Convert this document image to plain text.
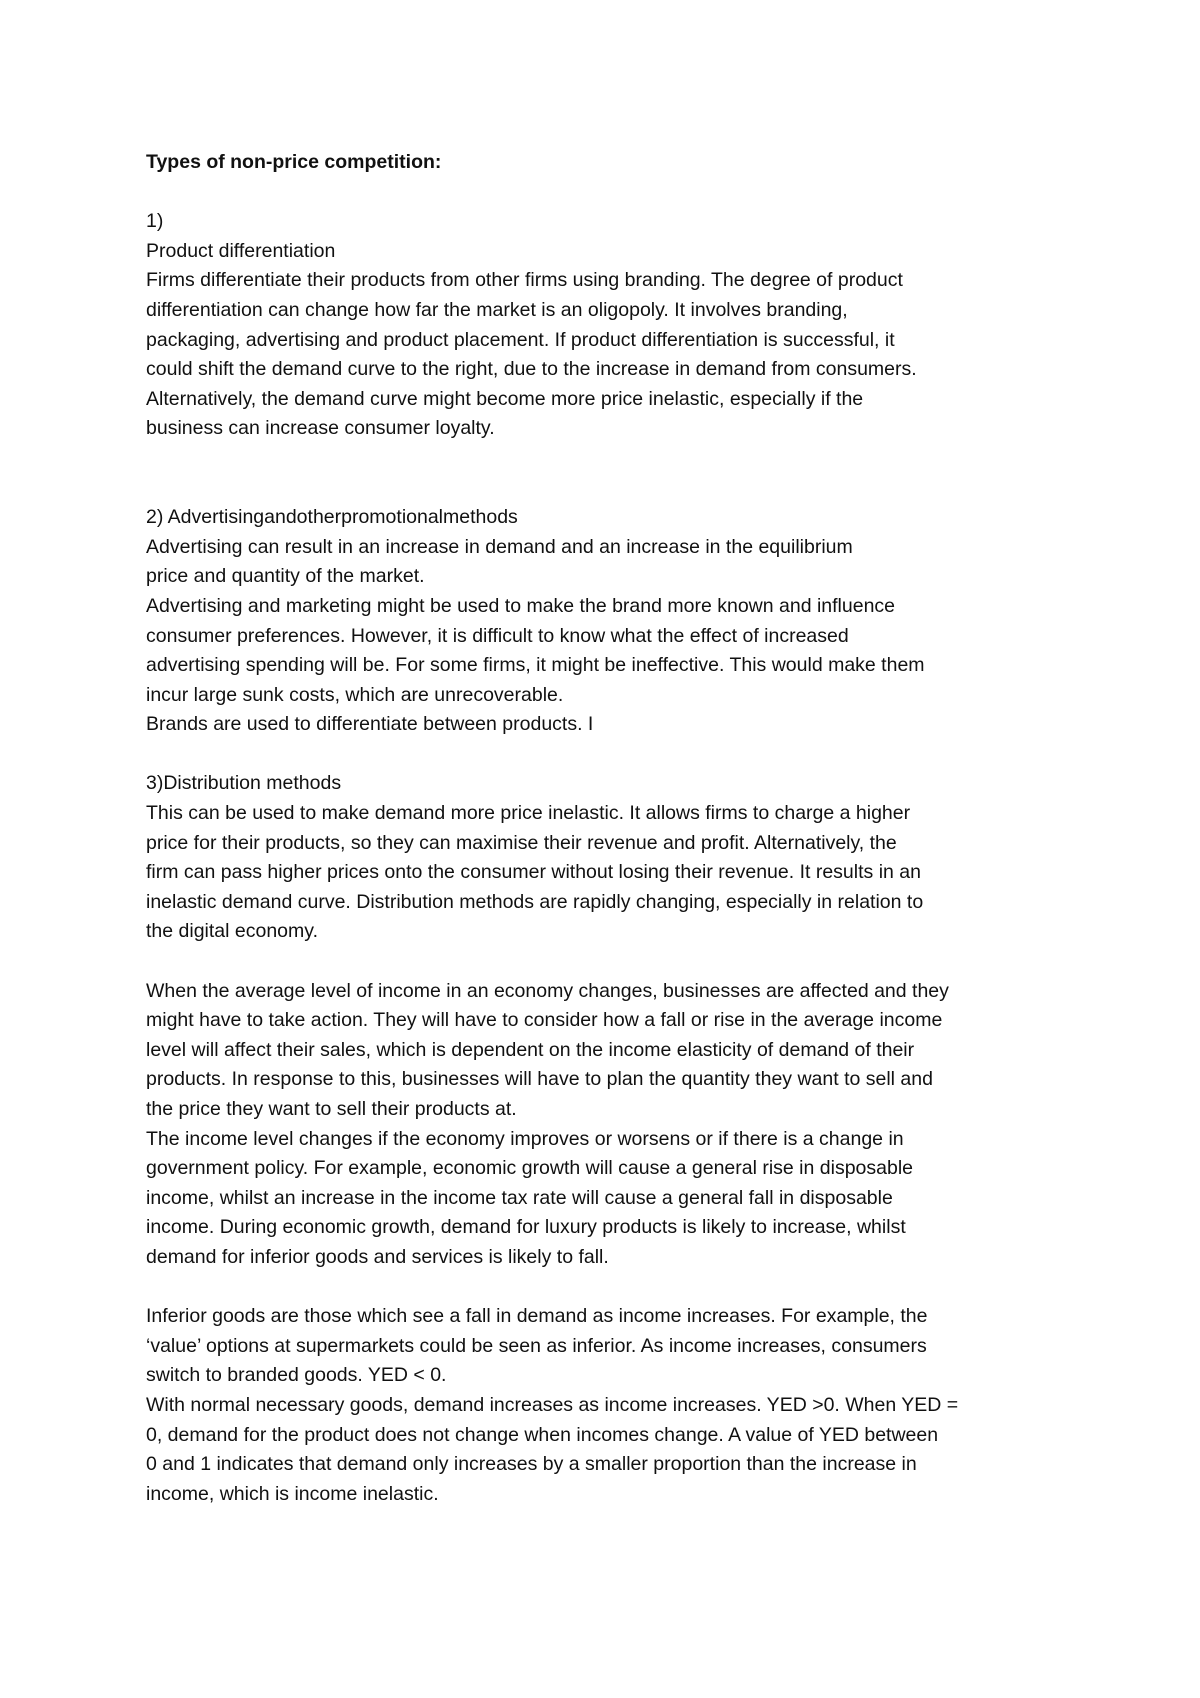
Types of non-price competition:
1)
Product differentiation
Firms differentiate their products from other firms using branding. The degree of product
differentiation can change how far the market is an oligopoly. It involves branding,
packaging, advertising and product placement. If product differentiation is successful, it
could shift the demand curve to the right, due to the increase in demand from consumers.
Alternatively, the demand curve might become more price inelastic, especially if the
business can increase consumer loyalty.
2) Advertisingandotherpromotionalmethods
Advertising can result in an increase in demand and an increase in the equilibrium
price and quantity of the market.
Advertising and marketing might be used to make the brand more known and influence
consumer preferences. However, it is difficult to know what the effect of increased
advertising spending will be. For some firms, it might be ineffective. This would make them
incur large sunk costs, which are unrecoverable.
Brands are used to differentiate between products. I
3)Distribution methods
This can be used to make demand more price inelastic. It allows firms to charge a higher
price for their products, so they can maximise their revenue and profit. Alternatively, the
firm can pass higher prices onto the consumer without losing their revenue. It results in an
inelastic demand curve. Distribution methods are rapidly changing, especially in relation to
the digital economy.
When the average level of income in an economy changes, businesses are affected and they
might have to take action. They will have to consider how a fall or rise in the average income
level will affect their sales, which is dependent on the income elasticity of demand of their
products. In response to this, businesses will have to plan the quantity they want to sell and
the price they want to sell their products at.
The income level changes if the economy improves or worsens or if there is a change in
government policy. For example, economic growth will cause a general rise in disposable
income, whilst an increase in the income tax rate will cause a general fall in disposable
income. During economic growth, demand for luxury products is likely to increase, whilst
demand for inferior goods and services is likely to fall.
Inferior goods are those which see a fall in demand as income increases. For example, the
‘value’ options at supermarkets could be seen as inferior. As income increases, consumers
switch to branded goods. YED < 0.
With normal necessary goods, demand increases as income increases. YED >0. When YED =
0, demand for the product does not change when incomes change. A value of YED between
0 and 1 indicates that demand only increases by a smaller proportion than the increase in
income, which is income inelastic.
